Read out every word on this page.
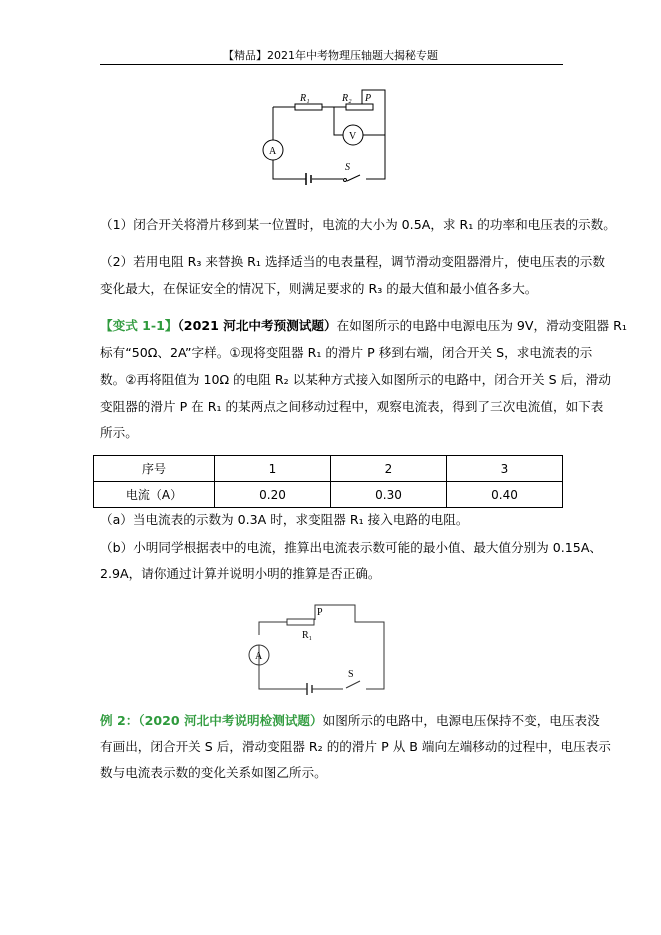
【精品】2021年中考物理压轴题大揭秘专题
R₁	R₂ P
V
A
S
P
R₁
A
S
（1）闭合开关将滑片移到某一位置时，电流的大小为 0.5A，求 R₁ 的功率和电压表的示数。
（2）若用电阻 R₃ 来替换 R₁ 选择适当的电表量程，调节滑动变阻器滑片，使电压表的示数
变化最大，在保证安全的情况下，则满足要求的 R₃ 的最大值和最小值各多大。
【变式 1-1】（2021 河北中考预测试题）在如图所示的电路中电源电压为 9V，滑动变阻器 R₁
标有“50Ω、2A”字样。①现将变阻器 R₁ 的滑片 P 移到右端，闭合开关 S，求电流表的示
数。②再将阻值为 10Ω 的电阻 R₂ 以某种方式接入如图所示的电路中，闭合开关 S 后，滑动
变阻器的滑片 P 在 R₁ 的某两点之间移动过程中，观察电流表，得到了三次电流值，如下表
所示。
序号	1	2	3
电流（A）	0.20	0.30	0.40
（a）当电流表的示数为 0.3A 时，求变阻器 R₁ 接入电路的电阻。
（b）小明同学根据表中的电流，推算出电流表示数可能的最小值、最大值分别为 0.15A、
2.9A，请你通过计算并说明小明的推算是否正确。
例 2：（2020 河北中考说明检测试题）如图所示的电路中，电源电压保持不变，电压表没
有画出，闭合开关 S 后，滑动变阻器 R₂ 的的滑片 P 从 B 端向左端移动的过程中，电压表示
数与电流表示数的变化关系如图乙所示。
